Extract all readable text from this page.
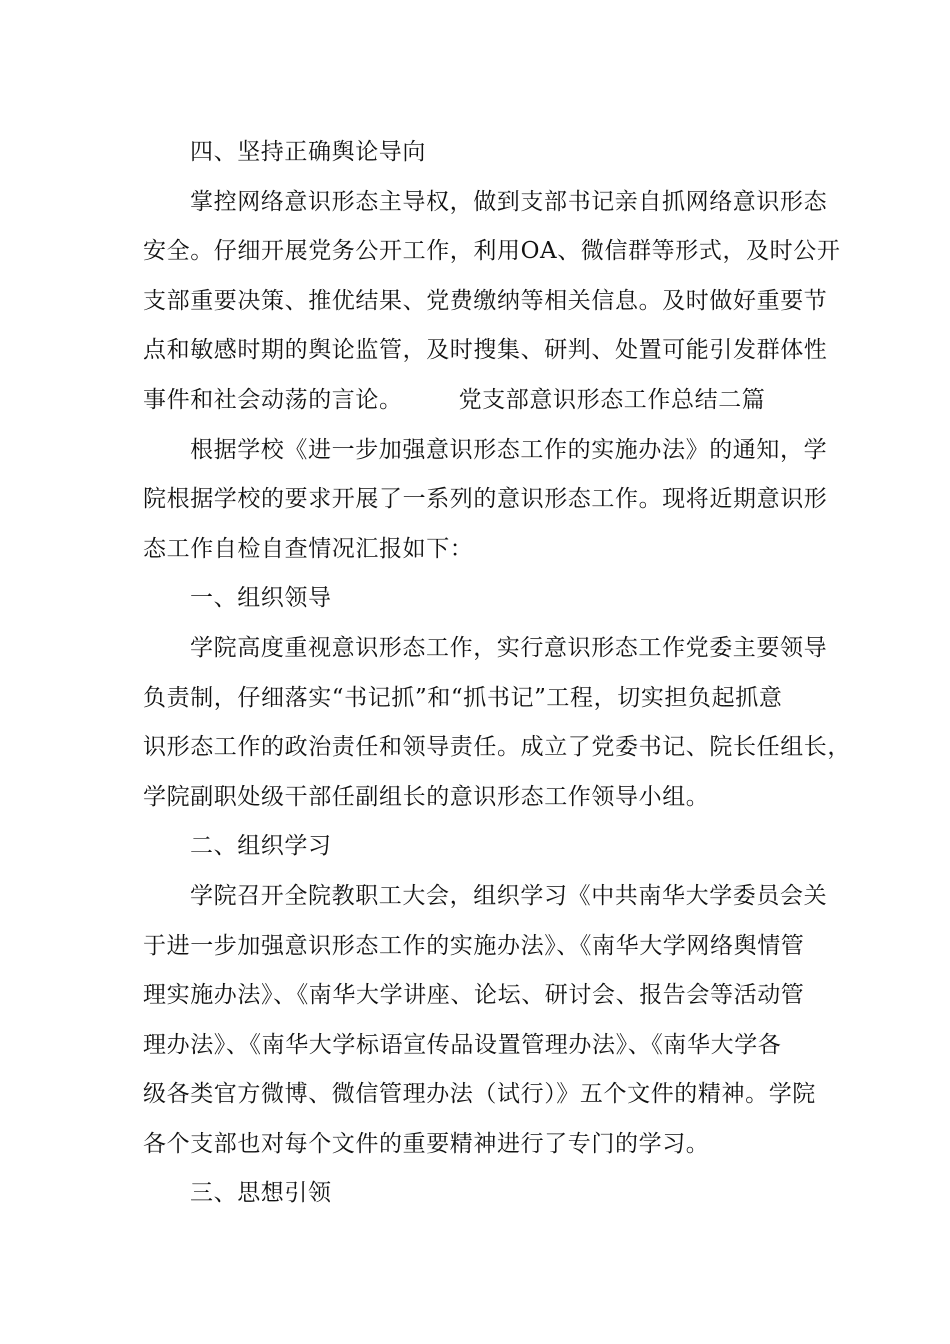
四、坚持正确舆论导向
掌控网络意识形态主导权，做到支部书记亲自抓网络意识形态
安全。仔细开展党务公开工作，利用OA、微信群等形式，及时公开
支部重要决策、推优结果、党费缴纳等相关信息。及时做好重要节
点和敏感时期的舆论监管，及时搜集、研判、处置可能引发群体性
事件和社会动荡的言论。 党支部意识形态工作总结二篇
根据学校《进一步加强意识形态工作的实施办法》的通知，学
院根据学校的要求开展了一系列的意识形态工作。现将近期意识形
态工作自检自查情况汇报如下：
一、组织领导
学院高度重视意识形态工作，实行意识形态工作党委主要领导
负责制，仔细落实“书记抓”和“抓书记”工程，切实担负起抓意
识形态工作的政治责任和领导责任。成立了党委书记、院长任组长，
学院副职处级干部任副组长的意识形态工作领导小组。
二、组织学习
学院召开全院教职工大会，组织学习《中共南华大学委员会关
于进一步加强意识形态工作的实施办法》、《南华大学网络舆情管
理实施办法》、《南华大学讲座、论坛、研讨会、报告会等活动管
理办法》、《南华大学标语宣传品设置管理办法》、《南华大学各
级各类官方微博、微信管理办法（试行）》五个文件的精神。学院
各个支部也对每个文件的重要精神进行了专门的学习。
三、思想引领
